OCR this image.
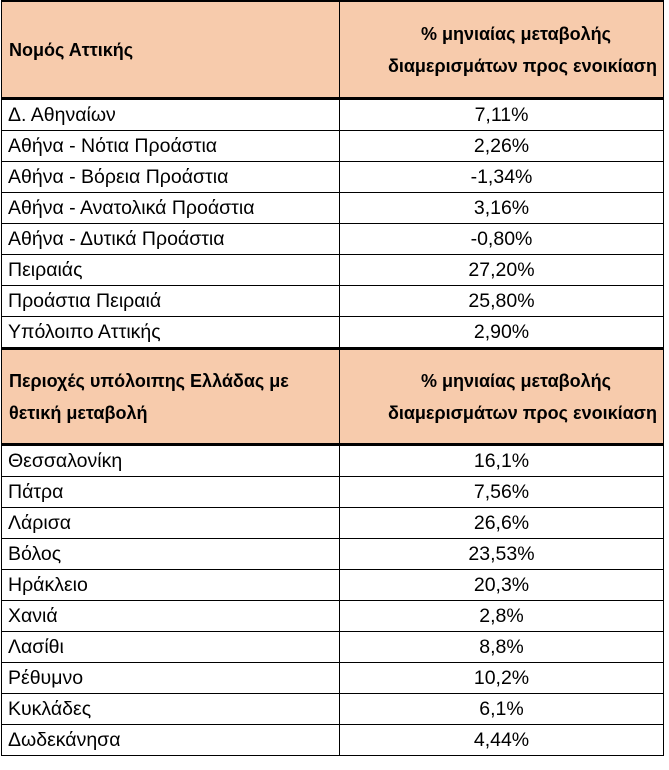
Νομός Αττικής	% μηνιαίας μεταβολής
διαμερισμάτων προς ενοικίαση

Δ. Αθηναίων	7,11%
Αθήνα - Νότια Προάστια	2,26%
Αθήνα - Βόρεια Προάστια	-1,34%
Αθήνα - Ανατολικά Προάστια	3,16%
Αθήνα - Δυτικά Προάστια	-0,80%
Πειραιάς	27,20%
Προάστια Πειραιά	25,80%
Υπόλοιπο Αττικής	2,90%

Περιοχές υπόλοιπης Ελλάδας με
θετική μεταβολή	% μηνιαίας μεταβολής
διαμερισμάτων προς ενοικίαση

Θεσσαλονίκη	16,1%
Πάτρα	7,56%
Λάρισα	26,6%
Βόλος	23,53%
Ηράκλειο	20,3%
Χανιά	2,8%
Λασίθι	8,8%
Ρέθυμνο	10,2%
Κυκλάδες	6,1%
Δωδεκάνησα	4,44%
